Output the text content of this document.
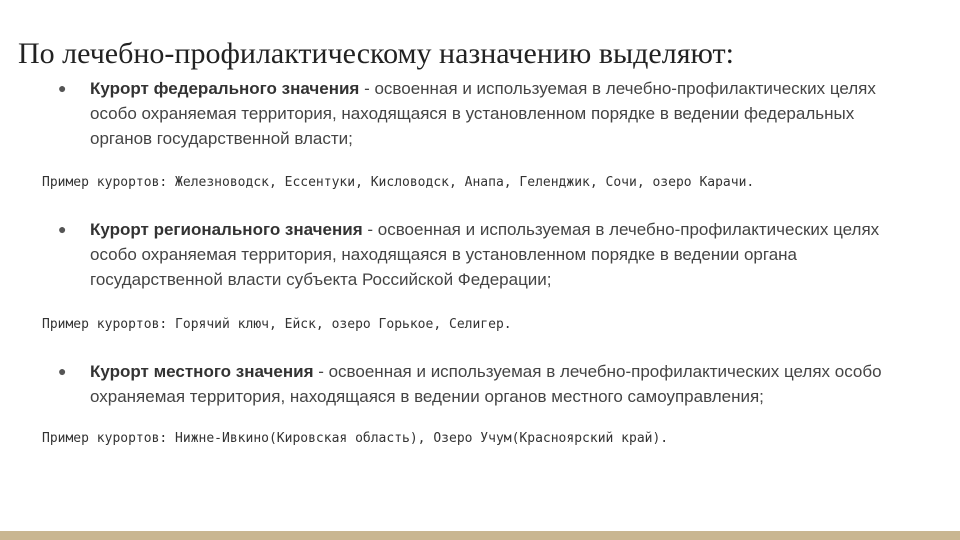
По лечебно-профилактическому назначению выделяют:
●	Курорт федерального значения - освоенная и используемая в лечебно-профилактических целях особо охраняемая территория, находящаяся в установленном порядке в ведении федеральных органов государственной власти;
Пример курортов: Железноводск, Ессентуки, Кисловодск, Анапа, Геленджик, Сочи, озеро Карачи.
●	Курорт регионального значения - освоенная и используемая в лечебно-профилактических целях особо охраняемая территория, находящаяся в установленном порядке в ведении органа государственной власти субъекта Российской Федерации;
Пример курортов: Горячий ключ, Ейск, озеро Горькое, Селигер.
●	Курорт местного значения - освоенная и используемая в лечебно-профилактических целях особо охраняемая территория, находящаяся в ведении органов местного самоуправления;
Пример курортов: Нижне-Ивкино(Кировская область), Озеро Учум(Красноярский край).
